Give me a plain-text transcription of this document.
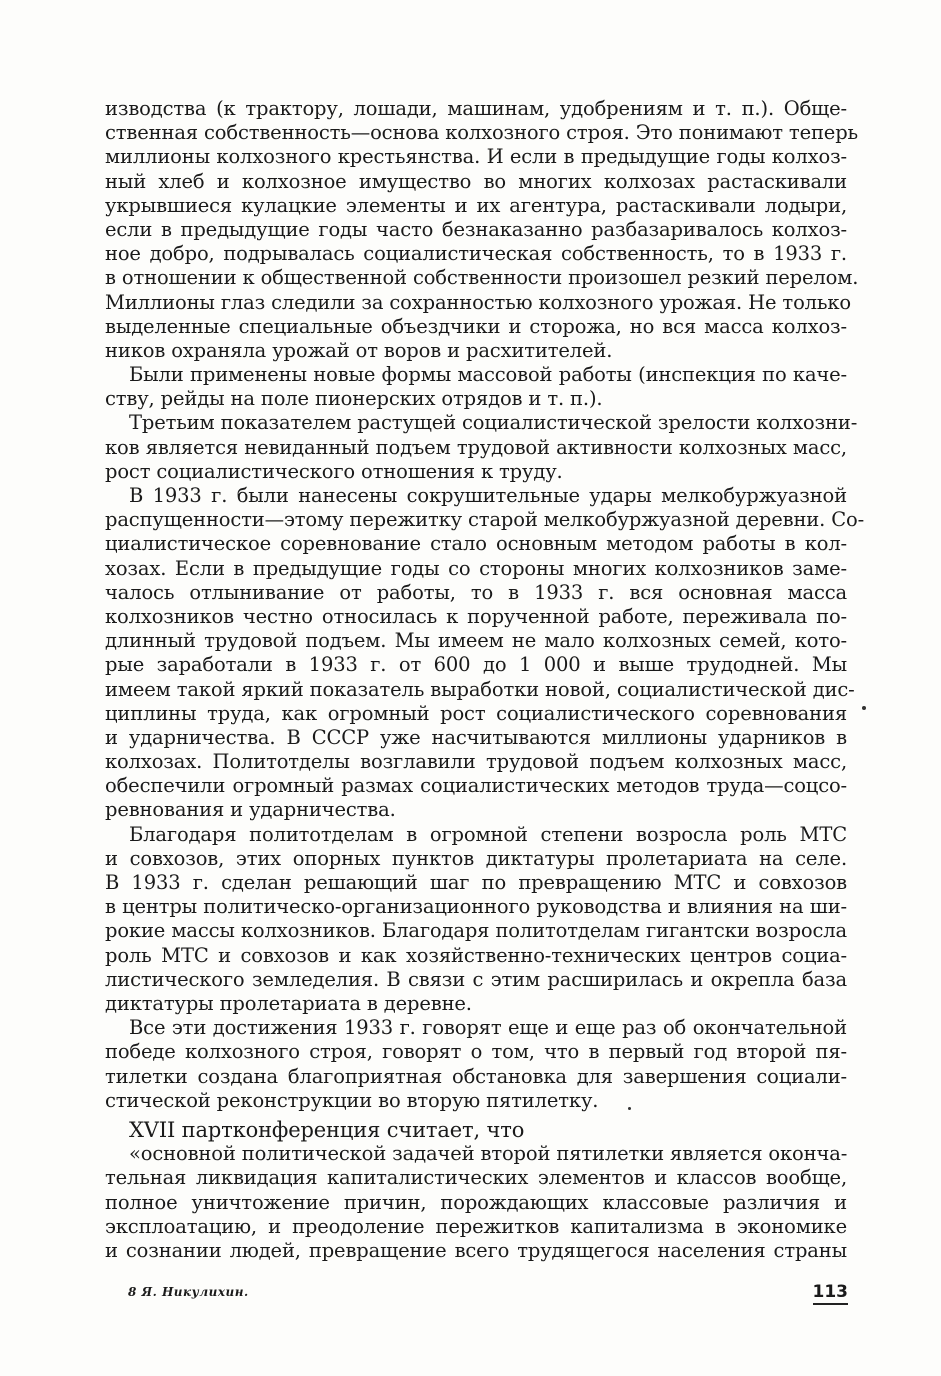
изводства (к трактору, лошади, машинам, удобрениям и т. п.). Обще-
ственная собственность—основа колхозного строя. Это понимают теперь
миллионы колхозного крестьянства. И если в предыдущие годы колхоз-
ный хлеб и колхозное имущество во многих колхозах растаскивали
укрывшиеся кулацкие элементы и их агентура, растаскивали лодыри,
если в предыдущие годы часто безнаказанно разбазаривалось колхоз-
ное добро, подрывалась социалистическая собственность, то в 1933 г.
в отношении к общественной собственности произошел резкий перелом.
Миллионы глаз следили за сохранностью колхозного урожая. Не только
выделенные специальные объездчики и сторожа, но вся масса колхоз-
ников охраняла урожай от воров и расхитителей.
Были применены новые формы массовой работы (инспекция по каче-
ству, рейды на поле пионерских отрядов и т. п.).
Третьим показателем растущей социалистической зрелости колхозни-
ков является невиданный подъем трудовой активности колхозных масс,
рост социалистического отношения к труду.
В 1933 г. были нанесены сокрушительные удары мелкобуржуазной
распущенности—этому пережитку старой мелкобуржуазной деревни. Со-
циалистическое соревнование стало основным методом работы в кол-
хозах. Если в предыдущие годы со стороны многих колхозников заме-
чалось отлынивание от работы, то в 1933 г. вся основная масса
колхозников честно относилась к порученной работе, переживала по-
длинный трудовой подъем. Мы имеем не мало колхозных семей, кото-
рые заработали в 1933 г. от 600 до 1 000 и выше трудодней. Мы
имеем такой яркий показатель выработки новой, социалистической дис-
циплины труда, как огромный рост социалистического соревнования
и ударничества. В СССР уже насчитываются миллионы ударников в
колхозах. Политотделы возглавили трудовой подъем колхозных масс,
обеспечили огромный размах социалистических методов труда—соцсо-
ревнования и ударничества.
Благодаря политотделам в огромной степени возросла роль МТС
и совхозов, этих опорных пунктов диктатуры пролетариата на селе.
В 1933 г. сделан решающий шаг по превращению МТС и совхозов
в центры политическо-организационного руководства и влияния на ши-
рокие массы колхозников. Благодаря политотделам гигантски возросла
роль МТС и совхозов и как хозяйственно-технических центров социа-
листического земледелия. В связи с этим расширилась и окрепла база
диктатуры пролетариата в деревне.
Все эти достижения 1933 г. говорят еще и еще раз об окончательной
победе колхозного строя, говорят о том, что в первый год второй пя-
тилетки создана благоприятная обстановка для завершения социали-
стической реконструкции во вторую пятилетку.
XVII партконференция считает, что
«основной политической задачей второй пятилетки является оконча-
тельная ликвидация капиталистических элементов и классов вообще,
полное уничтожение причин, порождающих классовые различия и
эксплоатацию, и преодоление пережитков капитализма в экономике
и сознании людей, превращение всего трудящегося населения страны
8 Я. Никулихин.	113
